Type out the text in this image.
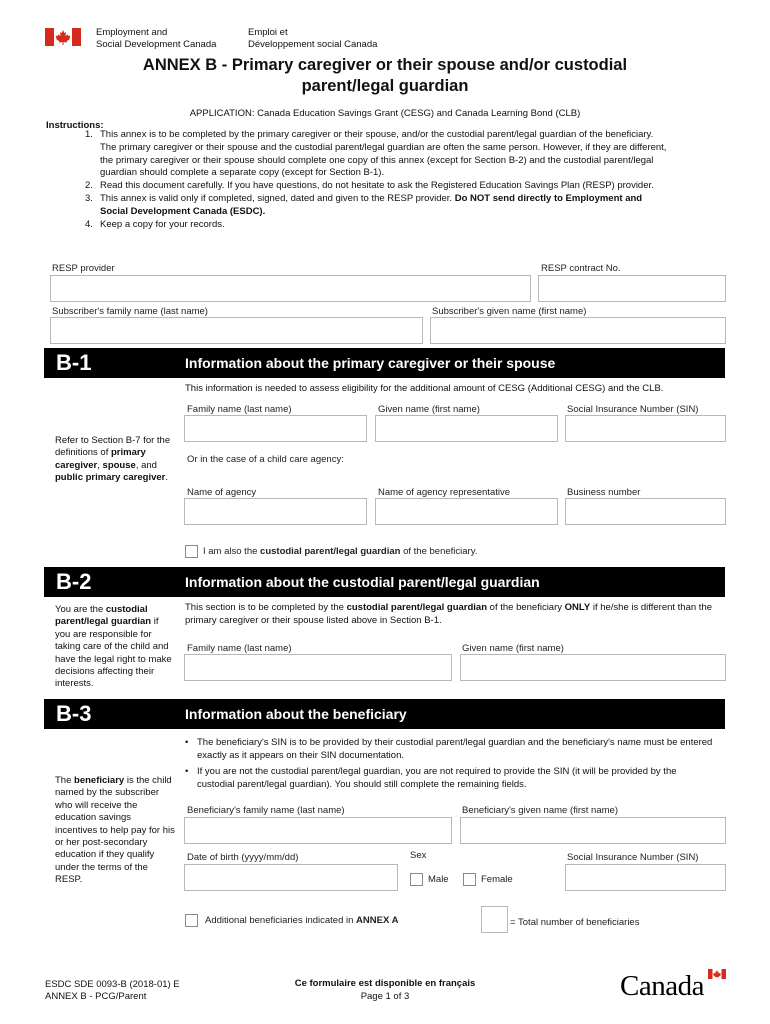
Employment and
Social Development Canada
Emploi et
Développement social Canada
ANNEX B - Primary caregiver or their spouse and/or custodial
parent/legal guardian
APPLICATION: Canada Education Savings Grant (CESG) and Canada Learning Bond (CLB)
Instructions:
1. This annex is to be completed by the primary caregiver or their spouse, and/or the custodial parent/legal guardian of the beneficiary. The primary caregiver or their spouse and the custodial parent/legal guardian are often the same person. However, if they are different, the primary caregiver or their spouse should complete one copy of this annex (except for Section B-2) and the custodial parent/legal guardian should complete a separate copy (except for Section B-1).
2. Read this document carefully. If you have questions, do not hesitate to ask the Registered Education Savings Plan (RESP) provider.
3. This annex is valid only if completed, signed, dated and given to the RESP provider. Do NOT send directly to Employment and Social Development Canada (ESDC).
4. Keep a copy for your records.
RESP provider	RESP contract No.
Subscriber's family name (last name)	Subscriber's given name (first name)
B-1	Information about the primary caregiver or their spouse
This information is needed to assess eligibility for the additional amount of CESG (Additional CESG) and the CLB.
Family name (last name)	Given name (first name)	Social Insurance Number (SIN)
Refer to Section B-7 for the definitions of primary caregiver, spouse, and public primary caregiver.
Or in the case of a child care agency:
Name of agency	Name of agency representative	Business number
I am also the custodial parent/legal guardian of the beneficiary.
B-2	Information about the custodial parent/legal guardian
This section is to be completed by the custodial parent/legal guardian of the beneficiary ONLY if he/she is different than the primary caregiver or their spouse listed above in Section B-1.
You are the custodial parent/legal guardian if you are responsible for taking care of the child and have the legal right to make decisions affecting their interests.
Family name (last name)	Given name (first name)
B-3	Information about the beneficiary
• The beneficiary's SIN is to be provided by their custodial parent/legal guardian and the beneficiary's name must be entered exactly as it appears on their SIN documentation.
• If you are not the custodial parent/legal guardian, you are not required to provide the SIN (it will be provided by the custodial parent/legal guardian). You should still complete the remaining fields.
The beneficiary is the child named by the subscriber who will receive the education savings incentives to help pay for his or her post-secondary education if they qualify under the terms of the RESP.
Beneficiary's family name (last name)	Beneficiary's given name (first name)
Date of birth (yyyy/mm/dd)	Sex
Male	Female
Social Insurance Number (SIN)
Additional beneficiaries indicated in ANNEX A	= Total number of beneficiaries
ESDC SDE 0093-B (2018-01) E
ANNEX B - PCG/Parent
Ce formulaire est disponible en français
Page 1 of 3	Canada
